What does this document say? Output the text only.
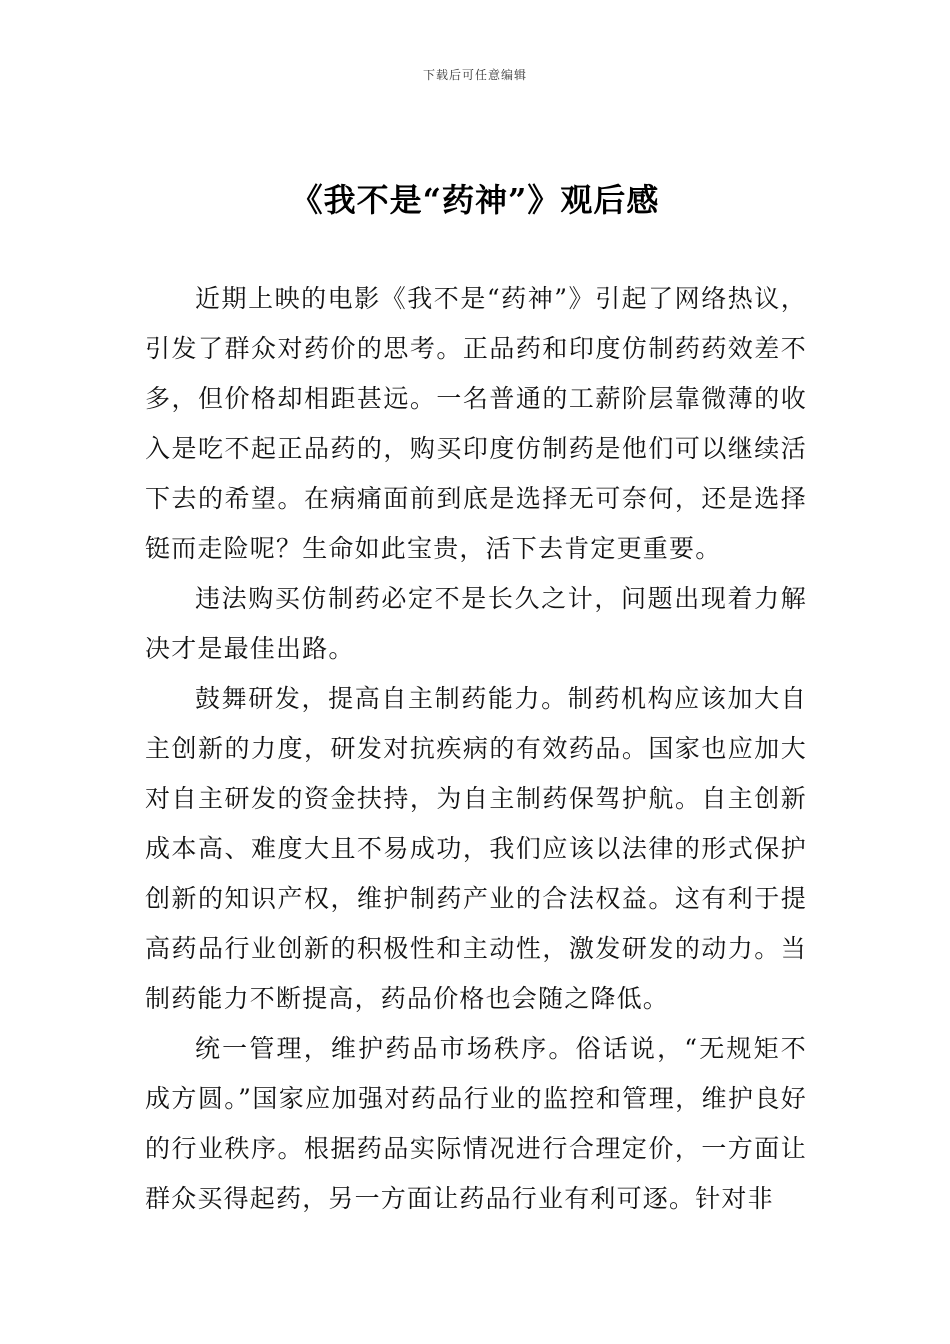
下载后可任意编辑
《我不是“药神”》观后感

近期上映的电影《我不是“药神”》引起了网络热议，引发了群众对药价的思考。正品药和印度仿制药药效差不多，但价格却相距甚远。一名普通的工薪阶层靠微薄的收入是吃不起正品药的，购买印度仿制药是他们可以继续活下去的希望。在病痛面前到底是选择无可奈何，还是选择铤而走险呢？生命如此宝贵，活下去肯定更重要。

违法购买仿制药必定不是长久之计，问题出现着力解决才是最佳出路。

鼓舞研发，提高自主制药能力。制药机构应该加大自主创新的力度，研发对抗疾病的有效药品。国家也应加大对自主研发的资金扶持，为自主制药保驾护航。自主创新成本高、难度大且不易成功，我们应该以法律的形式保护创新的知识产权，维护制药产业的合法权益。这有利于提高药品行业创新的积极性和主动性，激发研发的动力。当制药能力不断提高，药品价格也会随之降低。

统一管理，维护药品市场秩序。俗话说，“无规矩不成方圆。”国家应加强对药品行业的监控和管理，维护良好的行业秩序。根据药品实际情况进行合理定价，一方面让群众买得起药，另一方面让药品行业有利可逐。针对非
